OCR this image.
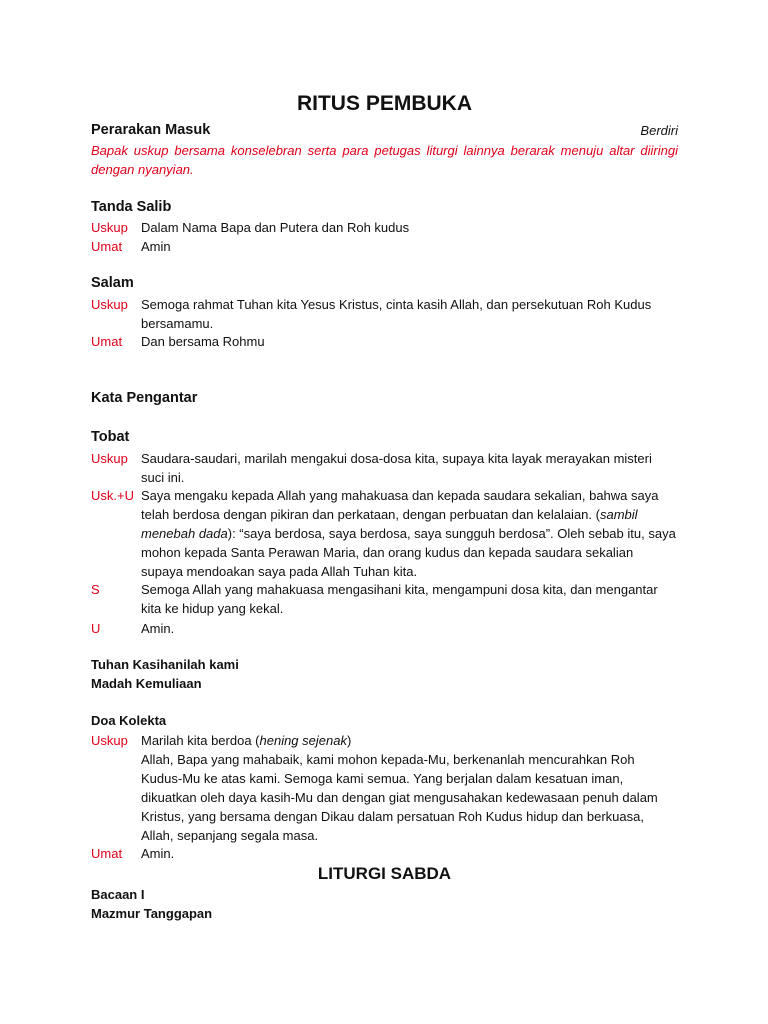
RITUS PEMBUKA
Perarakan Masuk	Berdiri
Bapak uskup bersama konselebran serta para petugas liturgi lainnya berarak menuju altar diiringi dengan nyanyian.
Tanda Salib
Uskup Dalam Nama Bapa dan Putera dan Roh kudus
Umat Amin
Salam
Uskup Semoga rahmat Tuhan kita Yesus Kristus, cinta kasih Allah, dan persekutuan Roh Kudus bersamamu.
Umat Dan bersama Rohmu
Kata Pengantar
Tobat
Uskup Saudara-saudari, marilah mengakui dosa-dosa kita, supaya kita layak merayakan misteri suci ini.
Usk.+U Saya mengaku kepada Allah yang mahakuasa dan kepada saudara sekalian, bahwa saya telah berdosa dengan pikiran dan perkataan, dengan perbuatan dan kelalaian. (sambil menebah dada): “saya berdosa, saya berdosa, saya sungguh berdosa”. Oleh sebab itu, saya mohon kepada Santa Perawan Maria, dan orang kudus dan kepada saudara sekalian supaya mendoakan saya pada Allah Tuhan kita.
S	Semoga Allah yang mahakuasa mengasihani kita, mengampuni dosa kita, dan mengantar kita ke hidup yang kekal.
U	Amin.
Tuhan Kasihanilah kami
Madah Kemuliaan
Doa Kolekta
Uskup Marilah kita berdoa (hening sejenak)
Allah, Bapa yang mahabaik, kami mohon kepada-Mu, berkenanlah mencurahkan Roh Kudus-Mu ke atas kami. Semoga kami semua. Yang berjalan dalam kesatuan iman, dikuatkan oleh daya kasih-Mu dan dengan giat mengusahakan kedewasaan penuh dalam Kristus, yang bersama dengan Dikau dalam persatuan Roh Kudus hidup dan berkuasa, Allah, sepanjang segala masa.
Umat Amin.
LITURGI SABDA
Bacaan I
Mazmur Tanggapan
